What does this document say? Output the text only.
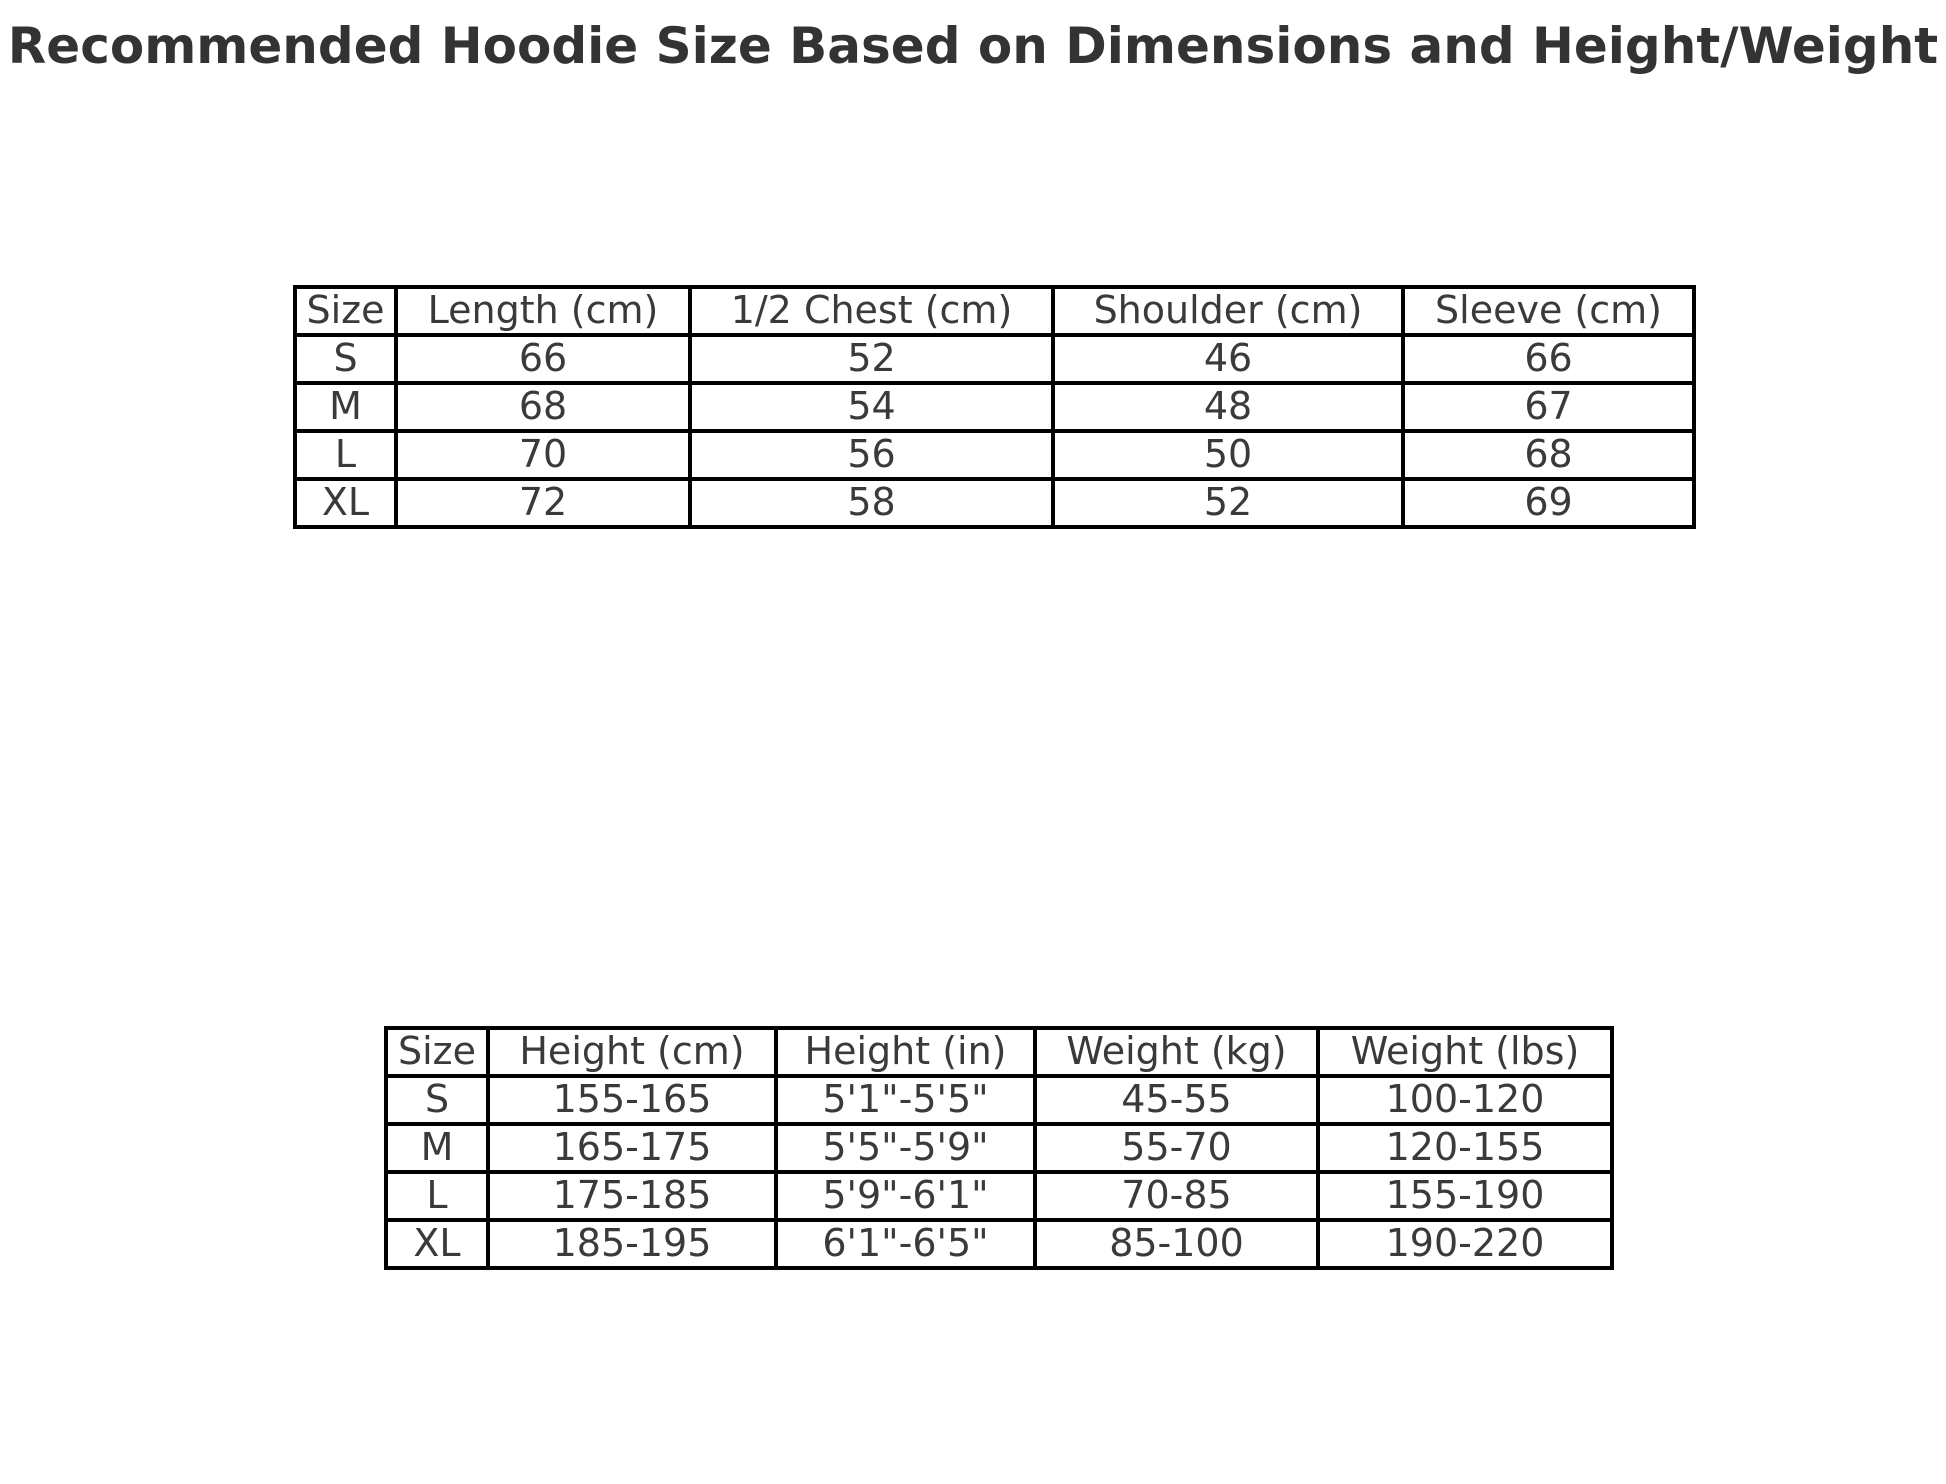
Recommended Hoodie Size Based on Dimensions and Height/Weight
Size	Length (cm)	1/2 Chest (cm)	Shoulder (cm)	Sleeve (cm)
S	66	52	46	66
M	68	54	48	67
L	70	56	50	68
XL	72	58	52	69
Size	Height (cm)	Height (in)	Weight (kg)	Weight (lbs)
S	155-165	5'1"-5'5"	45-55	100-120
M	165-175	5'5"-5'9"	55-70	120-155
L	175-185	5'9"-6'1"	70-85	155-190
XL	185-195	6'1"-6'5"	85-100	190-220
